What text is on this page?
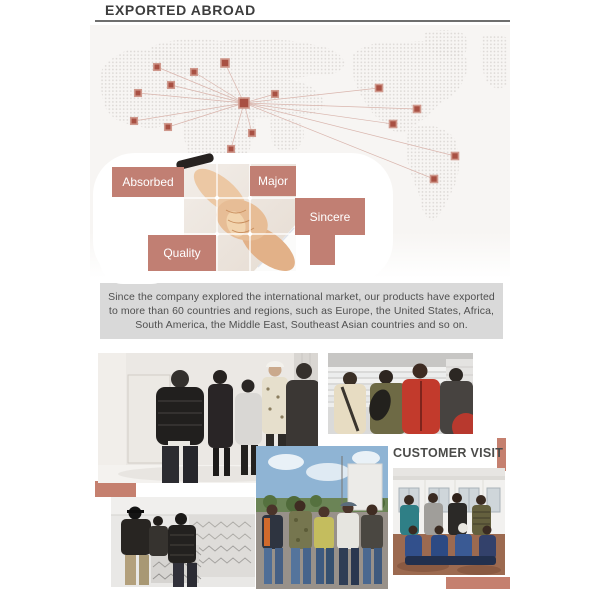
EXPORTED ABROAD
Absorbed	Major
Sincere
Quality
Since the company explored the international market, our products have exported
to more than 60 countries and regions, such as Europe, the United States, Africa,
South America, the Middle East, Southeast Asian countries and so on.
CUSTOMER VISIT
